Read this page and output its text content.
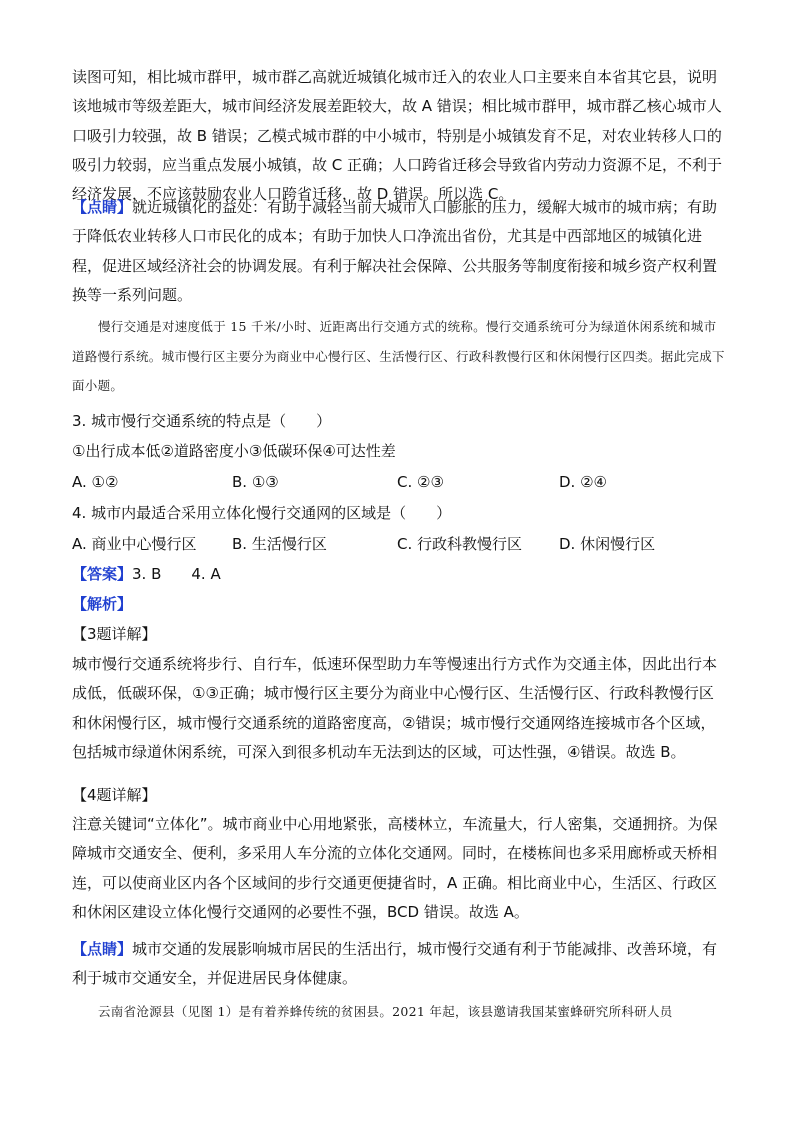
读图可知，相比城市群甲，城市群乙高就近城镇化城市迁入的农业人口主要来自本省其它县，说明该地城市等级差距大，城市间经济发展差距较大，故 A 错误；相比城市群甲，城市群乙核心城市人口吸引力较强，故 B 错误；乙模式城市群的中小城市，特别是小城镇发育不足，对农业转移人口的吸引力较弱，应当重点发展小城镇，故 C 正确；人口跨省迁移会导致省内劳动力资源不足，不利于经济发展，不应该鼓励农业人口跨省迁移，故 D 错误。所以选 C。
【点睛】就近城镇化的益处：有助于减轻当前大城市人口膨胀的压力，缓解大城市的城市病；有助于降低农业转移人口市民化的成本；有助于加快人口净流出省份，尤其是中西部地区的城镇化进程，促进区域经济社会的协调发展。有利于解决社会保障、公共服务等制度衔接和城乡资产权利置换等一系列问题。
慢行交通是对速度低于 15 千米/小时、近距离出行交通方式的统称。慢行交通系统可分为绿道休闲系统和城市道路慢行系统。城市慢行区主要分为商业中心慢行区、生活慢行区、行政科教慢行区和休闲慢行区四类。据此完成下面小题。
3. 城市慢行交通系统的特点是（　　）
①出行成本低②道路密度小③低碳环保④可达性差
A. ①②	B. ①③	C. ②③	D. ②④
4. 城市内最适合采用立体化慢行交通网的区域是（　　）
A. 商业中心慢行区 B. 生活慢行区	C. 行政科教慢行区 D. 休闲慢行区
【答案】3. B　　4. A
【解析】
【3题详解】
城市慢行交通系统将步行、自行车，低速环保型助力车等慢速出行方式作为交通主体，因此出行本成低，低碳环保，①③正确；城市慢行区主要分为商业中心慢行区、生活慢行区、行政科教慢行区和休闲慢行区，城市慢行交通系统的道路密度高，②错误；城市慢行交通网络连接城市各个区域，包括城市绿道休闲系统，可深入到很多机动车无法到达的区域，可达性强，④错误。故选 B。
【4题详解】
注意关键词“立体化”。城市商业中心用地紧张，高楼林立，车流量大，行人密集，交通拥挤。为保障城市交通安全、便利，多采用人车分流的立体化交通网。同时，在楼栋间也多采用廊桥或天桥相连，可以使商业区内各个区域间的步行交通更便捷省时，A 正确。相比商业中心，生活区、行政区和休闲区建设立体化慢行交通网的必要性不强，BCD 错误。故选 A。
【点睛】城市交通的发展影响城市居民的生活出行，城市慢行交通有利于节能减排、改善环境，有利于城市交通安全，并促进居民身体健康。
云南省沧源县（见图 1）是有着养蜂传统的贫困县。2021 年起，该县邀请我国某蜜蜂研究所科研人员
